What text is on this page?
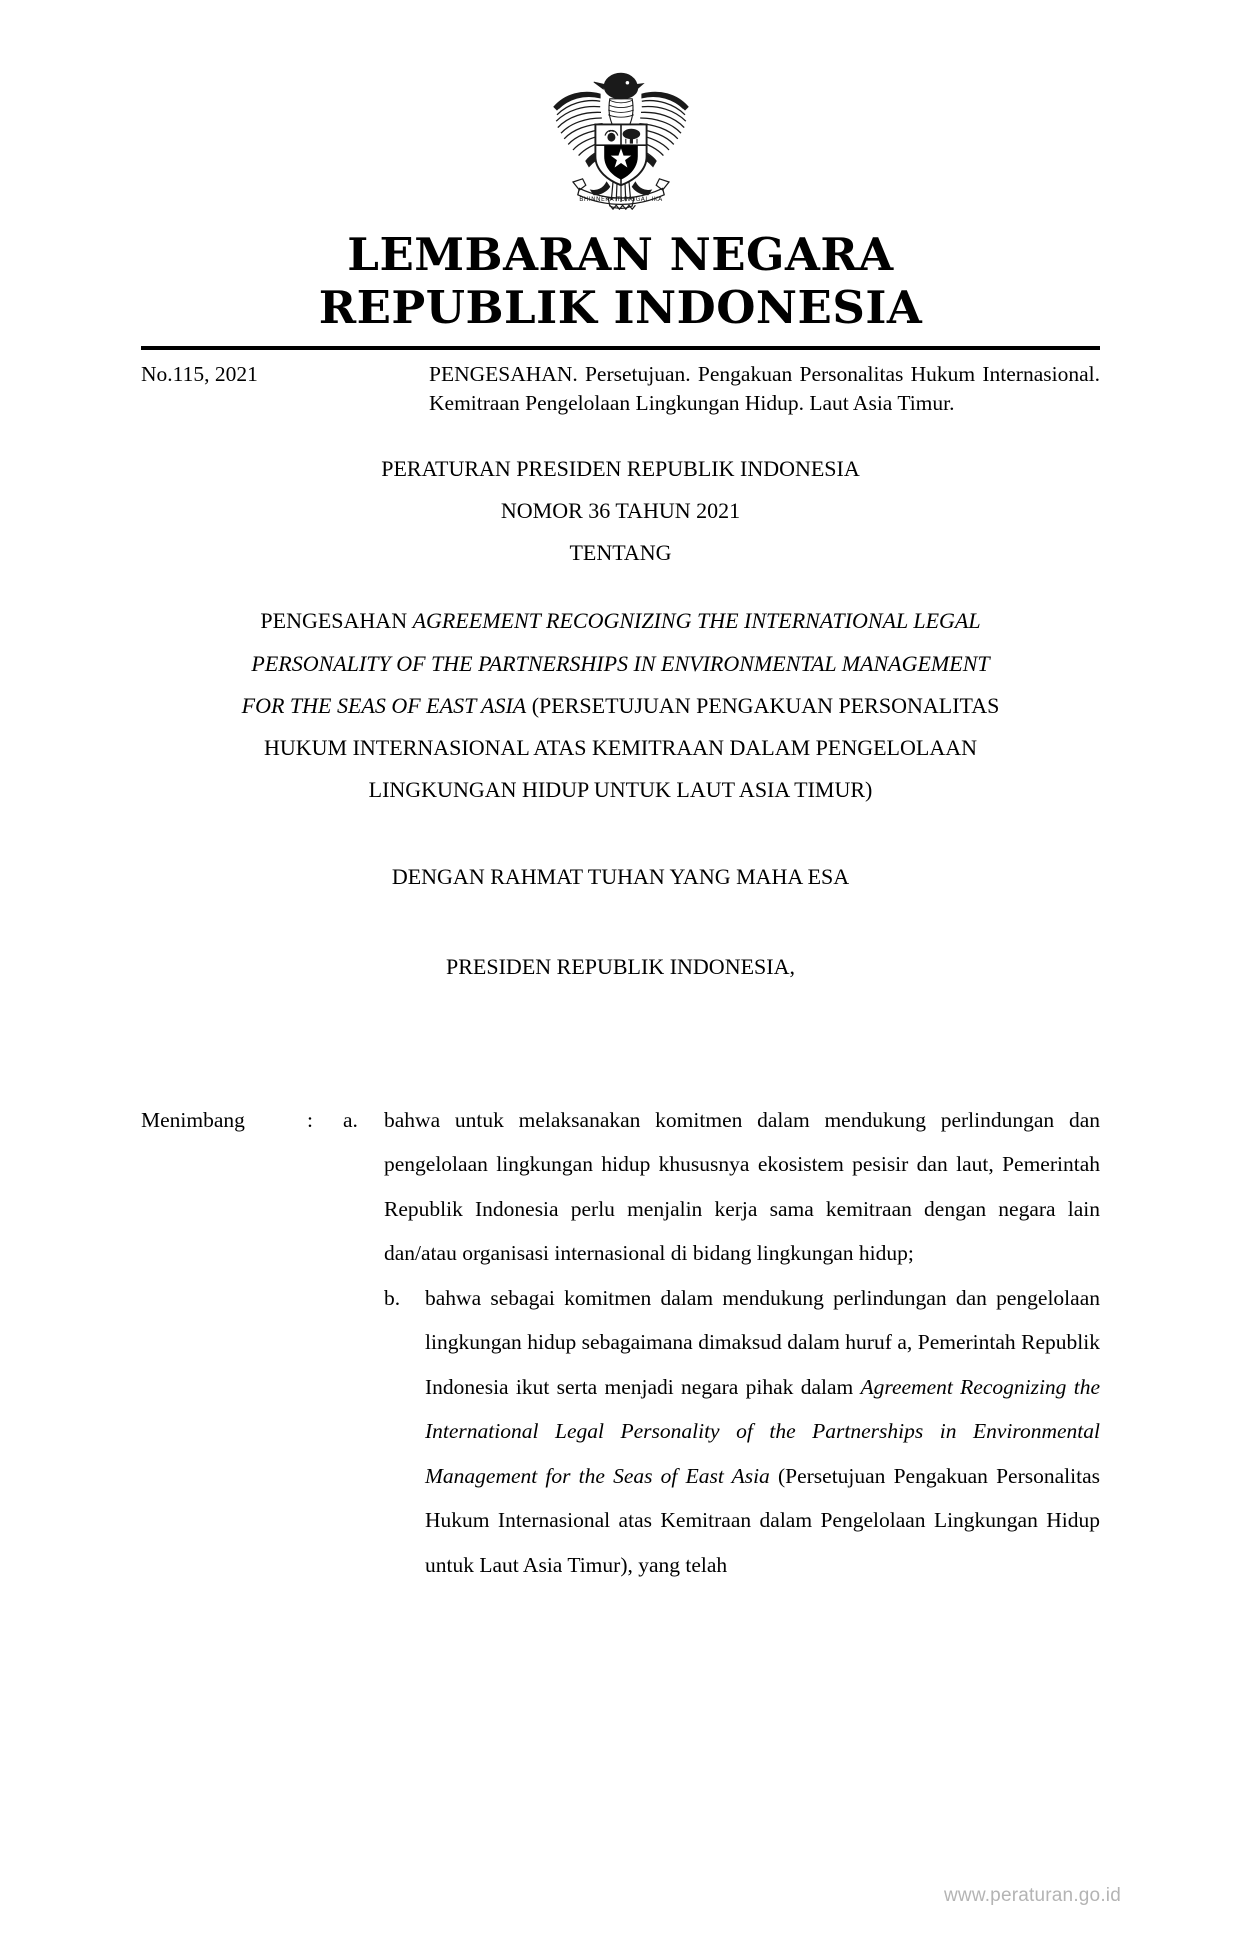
BHINNEKA TUNGGAL IKA
LEMBARAN NEGARA
REPUBLIK INDONESIA
No.115, 2021	PENGESAHAN. Persetujuan. Pengakuan Personalitas Hukum Internasional. Kemitraan Pengelolaan Lingkungan Hidup. Laut Asia Timur.
PERATURAN PRESIDEN REPUBLIK INDONESIA
NOMOR 36 TAHUN 2021
TENTANG
PENGESAHAN AGREEMENT RECOGNIZING THE INTERNATIONAL LEGAL
PERSONALITY OF THE PARTNERSHIPS IN ENVIRONMENTAL MANAGEMENT
FOR THE SEAS OF EAST ASIA (PERSETUJUAN PENGAKUAN PERSONALITAS
HUKUM INTERNASIONAL ATAS KEMITRAAN DALAM PENGELOLAAN
LINGKUNGAN HIDUP UNTUK LAUT ASIA TIMUR)
DENGAN RAHMAT TUHAN YANG MAHA ESA
PRESIDEN REPUBLIK INDONESIA,
Menimbang	:	a.	bahwa untuk melaksanakan komitmen dalam mendukung perlindungan dan pengelolaan lingkungan hidup khususnya ekosistem pesisir dan laut, Pemerintah Republik Indonesia perlu menjalin kerja sama kemitraan dengan negara lain dan/atau organisasi internasional di bidang lingkungan hidup;
b.	bahwa sebagai komitmen dalam mendukung perlindungan dan pengelolaan lingkungan hidup sebagaimana dimaksud dalam huruf a, Pemerintah Republik Indonesia ikut serta menjadi negara pihak dalam Agreement Recognizing the International Legal Personality of the Partnerships in Environmental Management for the Seas of East Asia (Persetujuan Pengakuan Personalitas Hukum Internasional atas Kemitraan dalam Pengelolaan Lingkungan Hidup untuk Laut Asia Timur), yang telah
www.peraturan.go.id
